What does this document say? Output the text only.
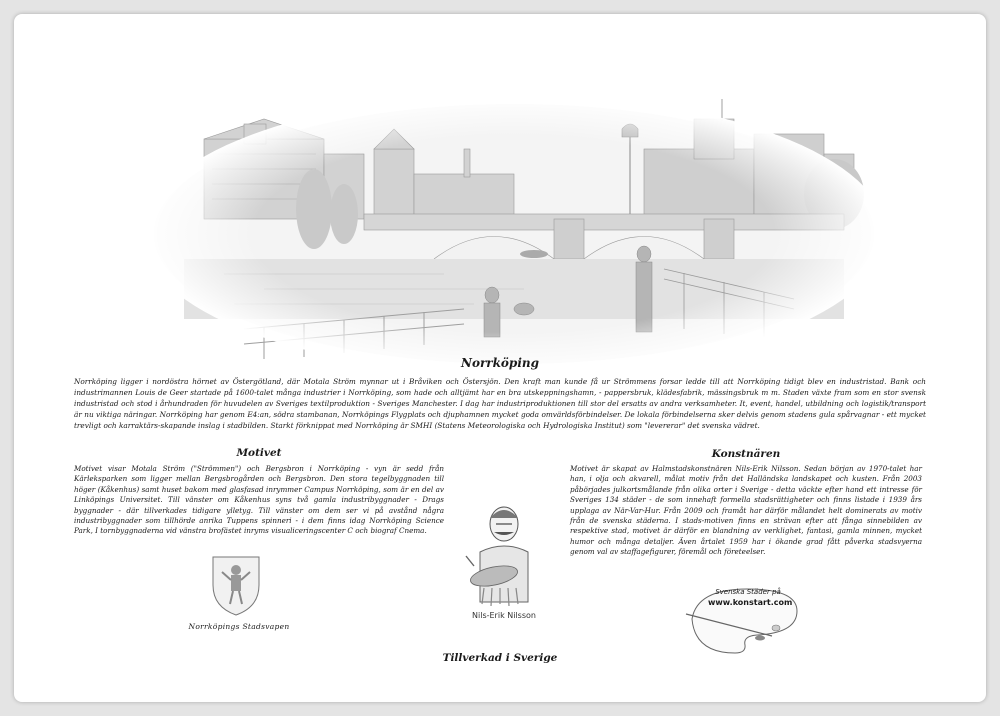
Norrköping
Norrköping ligger i nordöstra hörnet av Östergötland, där Motala Ström mynnar ut i Bråviken och Östersjön. Den kraft man kunde få ur Strömmens forsar ledde till att Norrköping tidigt blev en industristad. Bank och industrimannen Louis de Geer startade på 1600-talet många industrier i Norrköping, som hade och alltjämt har en bra utskeppningshamn, - pappersbruk, klädesfabrik, mässingsbruk m m. Staden växte fram som en stor svensk industristad och stod i århundraden för huvudelen av Sveriges textilproduktion - Sveriges Manchester. I dag har industriproduktionen till stor del ersatts av andra verksamheter. It, event, handel, utbildning och logistik/transport är nu viktiga näringar. Norrköping har genom E4:an, södra stambanan, Norrköpings Flygplats och djuphamnen mycket goda omvärldsförbindelser. De lokala förbindelserna sker delvis genom stadens gula spårvagnar - ett mycket trevligt och karraktärs-skapande inslag i stadbilden. Starkt förknippat med Norrköping är SMHI (Statens Meteorologiska och Hydrologiska Institut) som "levererar" det svenska vädret.
Motivet
Motivet visar Motala Ström ("Strömmen") och Bergsbron i Norrköping - vyn är sedd från Kärleksparken som ligger mellan Bergsbrogården och Bergsbron. Den stora tegelbyggnaden till höger (Kåkenhus) samt huset bakom med glasfasad inrymmer Campus Norrköping, som är en del av Linköpings Universitet. Till vänster om Kåkenhus syns två gamla industribyggnader - Drags byggnader - där tillverkades tidigare ylletyg. Till vänster om dem ser vi på avstånd några industribyggnader som tillhörde anrika Tuppens spinneri - i dem finns idag Norrköping Science Park, I tornbyggnaderna vid vänstra brofästet inryms visualiceringscenter C och biograf Cnema.
Konstnären
Motivet är skapat av Halmstadskonstnären Nils-Erik Nilsson. Sedan början av 1970-talet har han, i olja och akvarell, målat motiv från det Halländska landskapet och kusten. Från 2003 påbörjades julkortsmålande från olika orter i Sverige - detta väckte efter hand ett intresse för Sveriges 134 städer - de som innehaft formella stadsrättigheter och finns listade i 1939 års upplaga av När-Var-Hur. Från 2009 och framåt har därför målandet helt dominerats av motiv från de svenska städerna. I stads-motiven finns en strävan efter att fånga sinnebilden av respektive stad, motivet är därför en blandning av verklighet, fantasi, gamla minnen, mycket humor och många detaljer. Även årtalet 1959 har i ökande grad fått påverka stadsvyerna genom val av staffagefigurer, föremål och företeelser.
Norrköpings Stadsvapen
Nils-Erik Nilsson
Svenska Städer på
www.konstart.com
Tillverkad i Sverige
